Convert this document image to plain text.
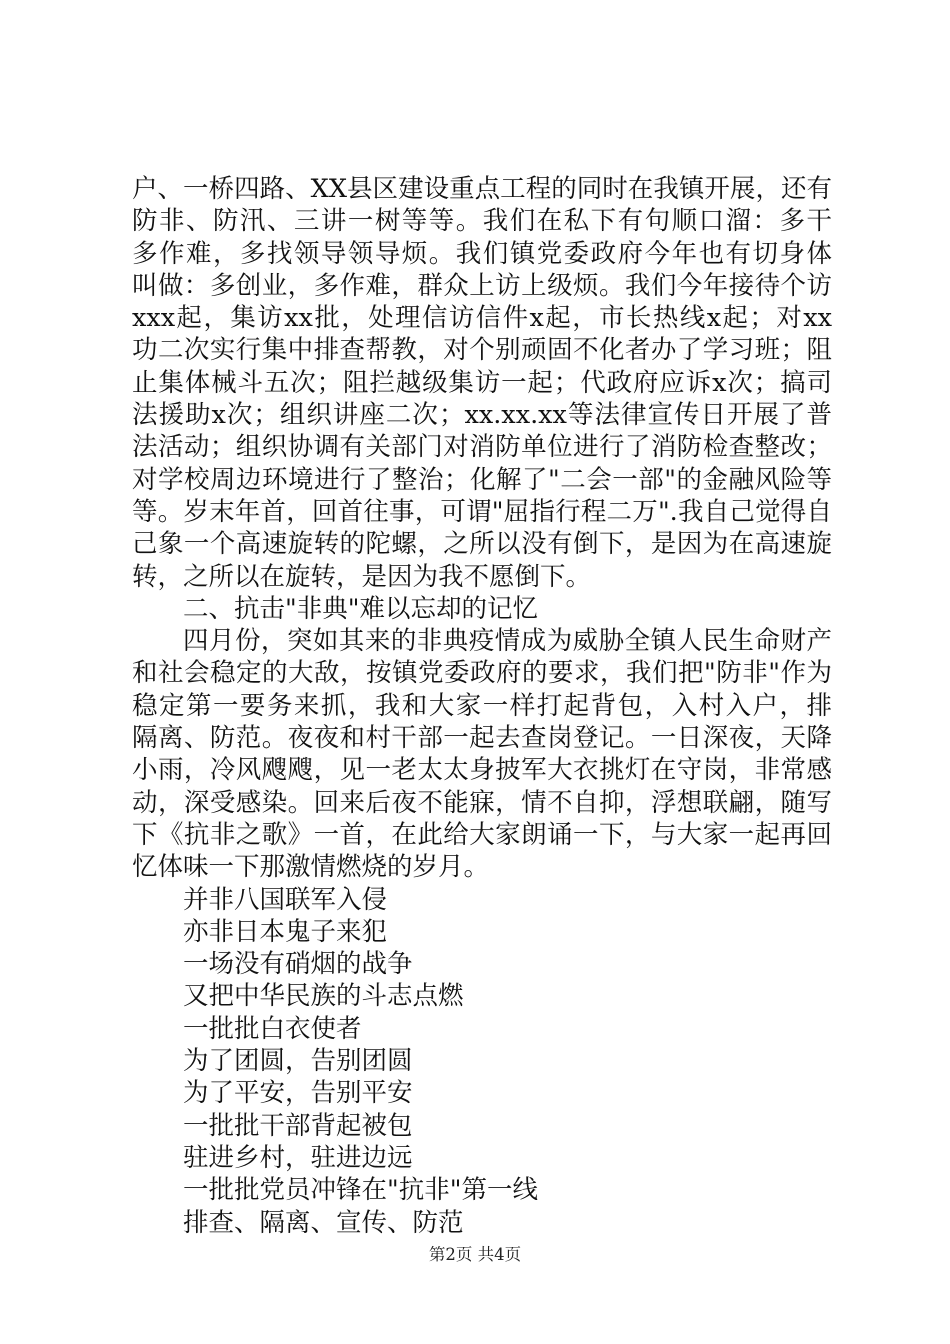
户、一桥四路、XX县区建设重点工程的同时在我镇开展，还有
防非、防汛、三讲一树等等。我们在私下有句顺口溜：多干
多作难，多找领导领导烦。我们镇党委政府今年也有切身体
叫做：多创业，多作难，群众上访上级烦。我们今年接待个访
xxx起，集访xx批，处理信访信件x起，市长热线x起；对xx
功二次实行集中排查帮教，对个别顽固不化者办了学习班；阻
止集体械斗五次；阻拦越级集访一起；代政府应诉x次；搞司
法援助x次；组织讲座二次；xx.xx.xx等法律宣传日开展了普
法活动；组织协调有关部门对消防单位进行了消防检查整改；
对学校周边环境进行了整治；化解了"二会一部"的金融风险等
等。岁末年首，回首往事，可谓"屈指行程二万".我自己觉得自
己象一个高速旋转的陀螺，之所以没有倒下，是因为在高速旋
转，之所以在旋转，是因为我不愿倒下。
二、抗击"非典"难以忘却的记忆
四月份，突如其来的非典疫情成为威胁全镇人民生命财产
和社会稳定的大敌，按镇党委政府的要求，我们把"防非"作为
稳定第一要务来抓，我和大家一样打起背包，入村入户，排
隔离、防范。夜夜和村干部一起去查岗登记。一日深夜，天降
小雨，冷风飕飕，见一老太太身披军大衣挑灯在守岗，非常感
动，深受感染。回来后夜不能寐，情不自抑，浮想联翩，随写
下《抗非之歌》一首，在此给大家朗诵一下，与大家一起再回
忆体味一下那激情燃烧的岁月。
并非八国联军入侵
亦非日本鬼子来犯
一场没有硝烟的战争
又把中华民族的斗志点燃
一批批白衣使者
为了团圆，告别团圆
为了平安，告别平安
一批批干部背起被包
驻进乡村，驻进边远
一批批党员冲锋在"抗非"第一线
排查、隔离、宣传、防范
第2页 共4页
